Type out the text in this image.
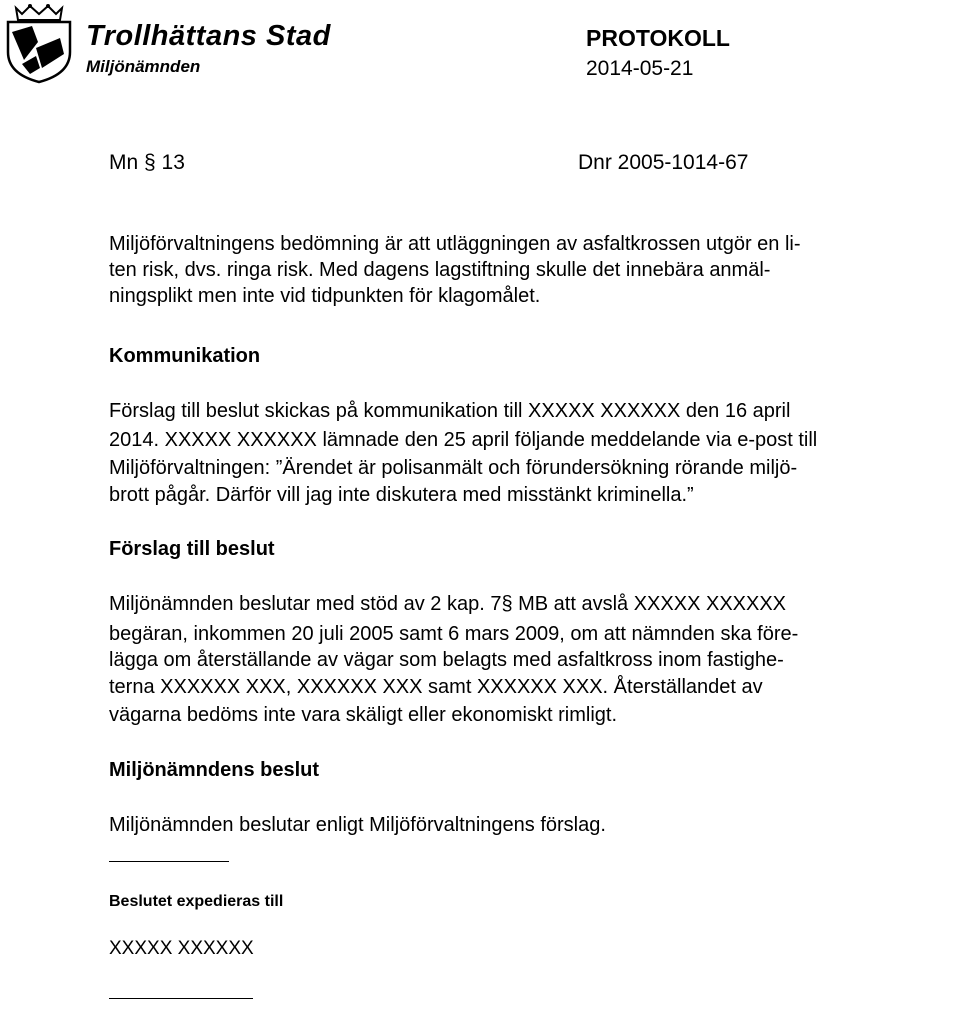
Trollhättans Stad
Miljönämnden
PROTOKOLL
2014-05-21
Mn § 13	Dnr 2005-1014-67
Miljöförvaltningens bedömning är att utläggningen av asfaltkrossen utgör en li-
ten risk, dvs. ringa risk. Med dagens lagstiftning skulle det innebära anmäl-
ningsplikt men inte vid tidpunkten för klagomålet.
Kommunikation
Förslag till beslut skickas på kommunikation till XXXXX XXXXXX den 16 april
2014. XXXXX XXXXXX lämnade den 25 april följande meddelande via e-post till
Miljöförvaltningen: ”Ärendet är polisanmält och förundersökning rörande miljö-
brott pågår. Därför vill jag inte diskutera med misstänkt kriminella.”
Förslag till beslut
Miljönämnden beslutar med stöd av 2 kap. 7§ MB att avslå XXXXX XXXXXX
begäran, inkommen 20 juli 2005 samt 6 mars 2009, om att nämnden ska före-
lägga om återställande av vägar som belagts med asfaltkross inom fastighe-
terna XXXXXX XXX, XXXXXX XXX samt XXXXXX XXX. Återställandet av
vägarna bedöms inte vara skäligt eller ekonomiskt rimligt.
Miljönämndens beslut
Miljönämnden beslutar enligt Miljöförvaltningens förslag.
Beslutet expedieras till
XXXXX XXXXXX
